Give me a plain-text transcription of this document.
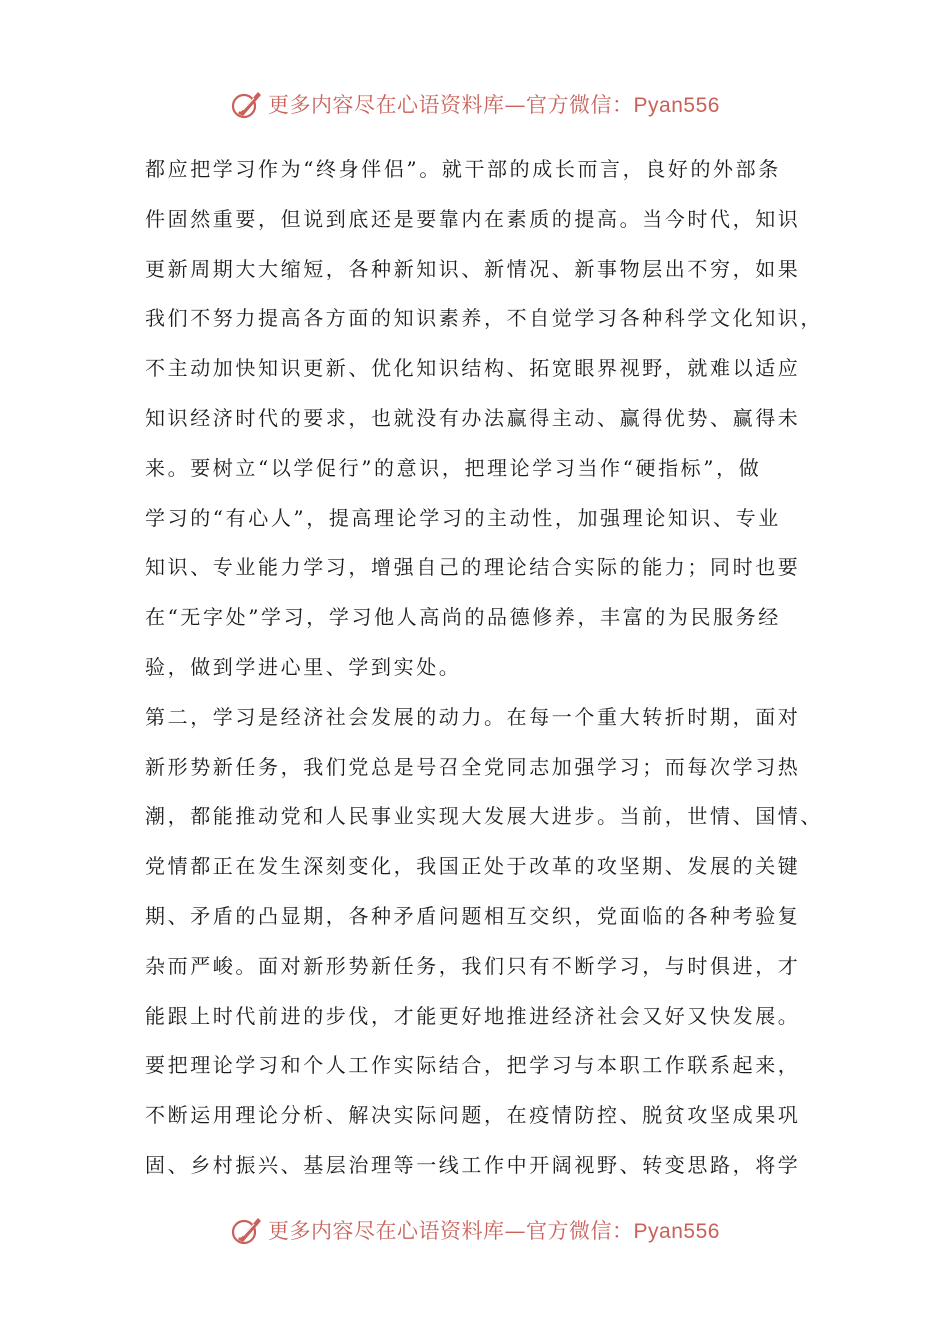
更多内容尽在心语资料库—官方微信：Pyan556
都应把学习作为“终身伴侣”。就干部的成长而言，良好的外部条
件固然重要，但说到底还是要靠内在素质的提高。当今时代，知识
更新周期大大缩短，各种新知识、新情况、新事物层出不穷，如果
我们不努力提高各方面的知识素养，不自觉学习各种科学文化知识，
不主动加快知识更新、优化知识结构、拓宽眼界视野，就难以适应
知识经济时代的要求，也就没有办法赢得主动、赢得优势、赢得未
来。要树立“以学促行”的意识，把理论学习当作“硬指标”，做
学习的“有心人”，提高理论学习的主动性，加强理论知识、专业
知识、专业能力学习，增强自己的理论结合实际的能力；同时也要
在“无字处”学习，学习他人高尚的品德修养，丰富的为民服务经
验，做到学进心里、学到实处。
第二，学习是经济社会发展的动力。在每一个重大转折时期，面对
新形势新任务，我们党总是号召全党同志加强学习；而每次学习热
潮，都能推动党和人民事业实现大发展大进步。当前，世情、国情、
党情都正在发生深刻变化，我国正处于改革的攻坚期、发展的关键
期、矛盾的凸显期，各种矛盾问题相互交织，党面临的各种考验复
杂而严峻。面对新形势新任务，我们只有不断学习，与时俱进，才
能跟上时代前进的步伐，才能更好地推进经济社会又好又快发展。
要把理论学习和个人工作实际结合，把学习与本职工作联系起来，
不断运用理论分析、解决实际问题，在疫情防控、脱贫攻坚成果巩
固、乡村振兴、基层治理等一线工作中开阔视野、转变思路，将学
更多内容尽在心语资料库—官方微信：Pyan556
